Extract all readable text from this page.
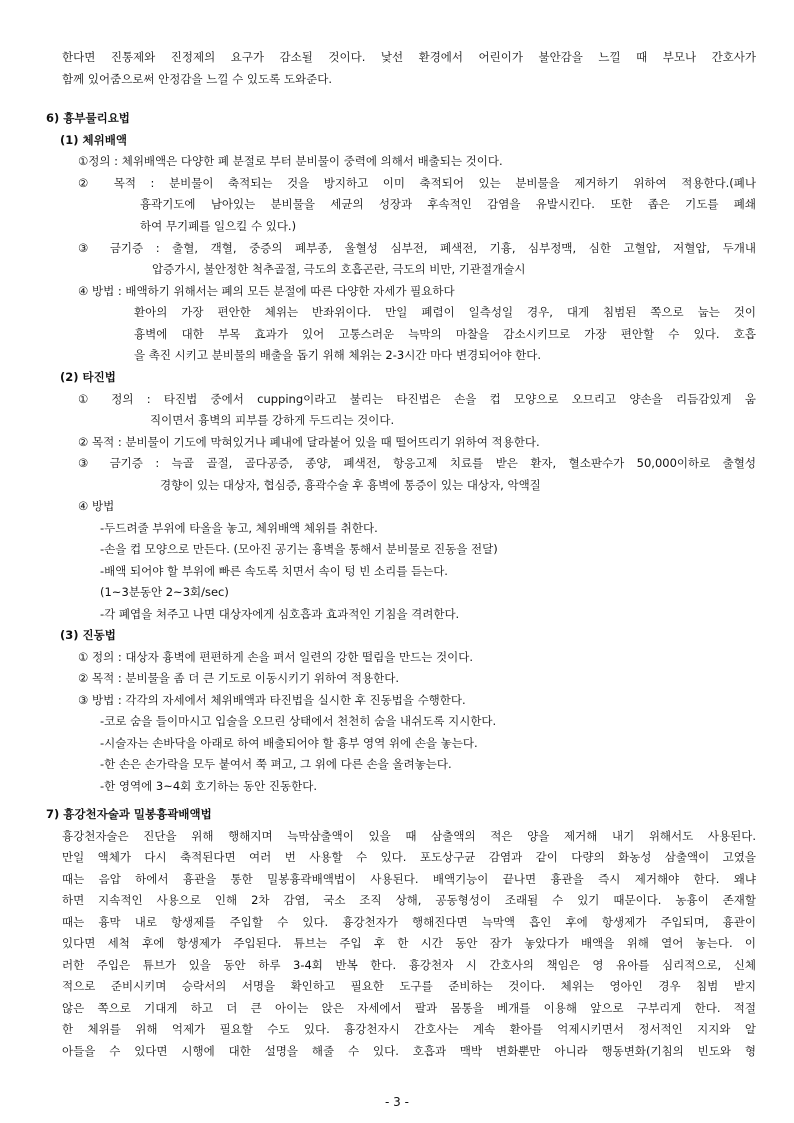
한다면 진통제와 진정제의 요구가 감소될 것이다. 낯선 환경에서 어린이가 불안감을 느낄 때 부모나 간호사가
함께 있어줌으로써 안정감을 느낄 수 있도록 도와준다.
6) 흉부물리요법
(1) 체위배액
①정의 : 체위배액은 다양한 폐 분절로 부터 분비물이 중력에 의해서 배출되는 것이다.
② 목적 : 분비물이 축적되는 것을 방지하고 이미 축적되어 있는 분비물을 제거하기 위하여 적용한다.(폐나
흉곽기도에 남아있는 분비물을 세균의 성장과 후속적인 감염을 유발시킨다. 또한 좁은 기도를 폐쇄
하여 무기폐를 일으킬 수 있다.)
③ 금기증 : 출혈, 객혈, 중증의 폐부종, 울혈성 심부전, 폐색전, 기흉, 심부정맥, 심한 고혈압, 저혈압, 두개내
압증가시, 불안정한 척추골절, 극도의 호흡곤란, 극도의 비만, 기관절개술시
④ 방법 : 배액하기 위해서는 폐의 모든 분절에 따른 다양한 자세가 필요하다
환아의 가장 편안한 체위는 반좌위이다. 만일 폐렴이 일측성일 경우, 대게 침범된 쪽으로 눕는 것이
흉벽에 대한 부목 효과가 있어 고통스러운 늑막의 마찰을 감소시키므로 가장 편안할 수 있다. 호흡
을 촉진 시키고 분비물의 배출을 돕기 위해 체위는 2-3시간 마다 변경되어야 한다.
(2) 타진법
① 정의 : 타진법 중에서 cupping이라고 불리는 타진법은 손을 컵 모양으로 오므리고 양손을 리듬감있게 움
직이면서 흉벽의 피부를 강하게 두드리는 것이다.
② 목적 : 분비물이 기도에 막혀있거나 폐내에 달라붙어 있을 때 떨어뜨리기 위하여 적용한다.
③ 금기증 : 늑골 골절, 골다공증, 종양, 폐색전, 항응고제 치료를 받은 환자, 혈소판수가 50,000이하로 출혈성
경향이 있는 대상자, 협심증, 흉곽수술 후 흉벽에 통증이 있는 대상자, 악액질
④ 방법
-두드려줄 부위에 타올을 놓고, 체위배액 체위를 취한다.
-손을 컵 모양으로 만든다. (모아진 공기는 흉벽을 통해서 분비물로 진동을 전달)
-배액 되어야 할 부위에 빠른 속도록 치면서 속이 텅 빈 소리를 듣는다.
(1~3분동안 2~3회/sec)
-각 폐엽을 쳐주고 나면 대상자에게 심호흡과 효과적인 기침을 격려한다.
(3) 진동법
① 정의 : 대상자 흉벽에 편편하게 손을 펴서 일련의 강한 떨림을 만드는 것이다.
② 목적 : 분비물을 좀 더 큰 기도로 이동시키기 위하여 적용한다.
③ 방법 : 각각의 자세에서 체위배액과 타진법을 실시한 후 진동법을 수행한다.
-코로 숨을 들이마시고 입술을 오므린 상태에서 천천히 숨을 내쉬도록 지시한다.
-시술자는 손바닥을 아래로 하여 배출되어야 할 흉부 영역 위에 손을 놓는다.
-한 손은 손가락을 모두 붙여서 쭉 펴고, 그 위에 다른 손을 올려놓는다.
-한 영역에 3~4회 호기하는 동안 진동한다.
7) 흉강천자술과 밀봉흉곽배액법
흉강천자술은 진단을 위해 행해지며 늑막삼출액이 있을 때 삼출액의 적은 양을 제거해 내기 위해서도 사용된다.
만일 액체가 다시 축적된다면 여러 번 사용할 수 있다. 포도상구균 감염과 같이 다량의 화농성 삼출액이 고였을
때는 음압 하에서 흉관을 통한 밀봉흉곽배액법이 사용된다. 배액기능이 끝나면 흉관을 즉시 제거해야 한다. 왜냐
하면 지속적인 사용으로 인해 2차 감염, 국소 조직 상해, 공동형성이 조래될 수 있기 때문이다. 농흉이 존재할
때는 흉막 내로 항생제를 주입할 수 있다. 흉강천자가 행해진다면 늑막액 흡인 후에 항생제가 주입되며, 흉관이
있다면 세척 후에 항생제가 주입된다. 튜브는 주입 후 한 시간 동안 잠가 놓았다가 배액을 위해 열어 놓는다. 이
러한 주입은 튜브가 있을 동안 하루 3-4회 반복 한다. 흉강천자 시 간호사의 책임은 영 유아를 심리적으로, 신체
적으로 준비시키며 승락서의 서명을 확인하고 필요한 도구를 준비하는 것이다. 체위는 영아인 경우 침범 받지
않은 쪽으로 기대게 하고 더 큰 아이는 앉은 자세에서 팔과 몸통을 베개를 이용해 앞으로 구부리게 한다. 적절
한 체위를 위해 억제가 필요할 수도 있다. 흉강천자시 간호사는 계속 환아를 억제시키면서 정서적인 지지와 알
아들을 수 있다면 시행에 대한 설명을 해줄 수 있다. 호흡과 맥박 변화뿐만 아니라 행동변화(기침의 빈도와 형
- 3 -
